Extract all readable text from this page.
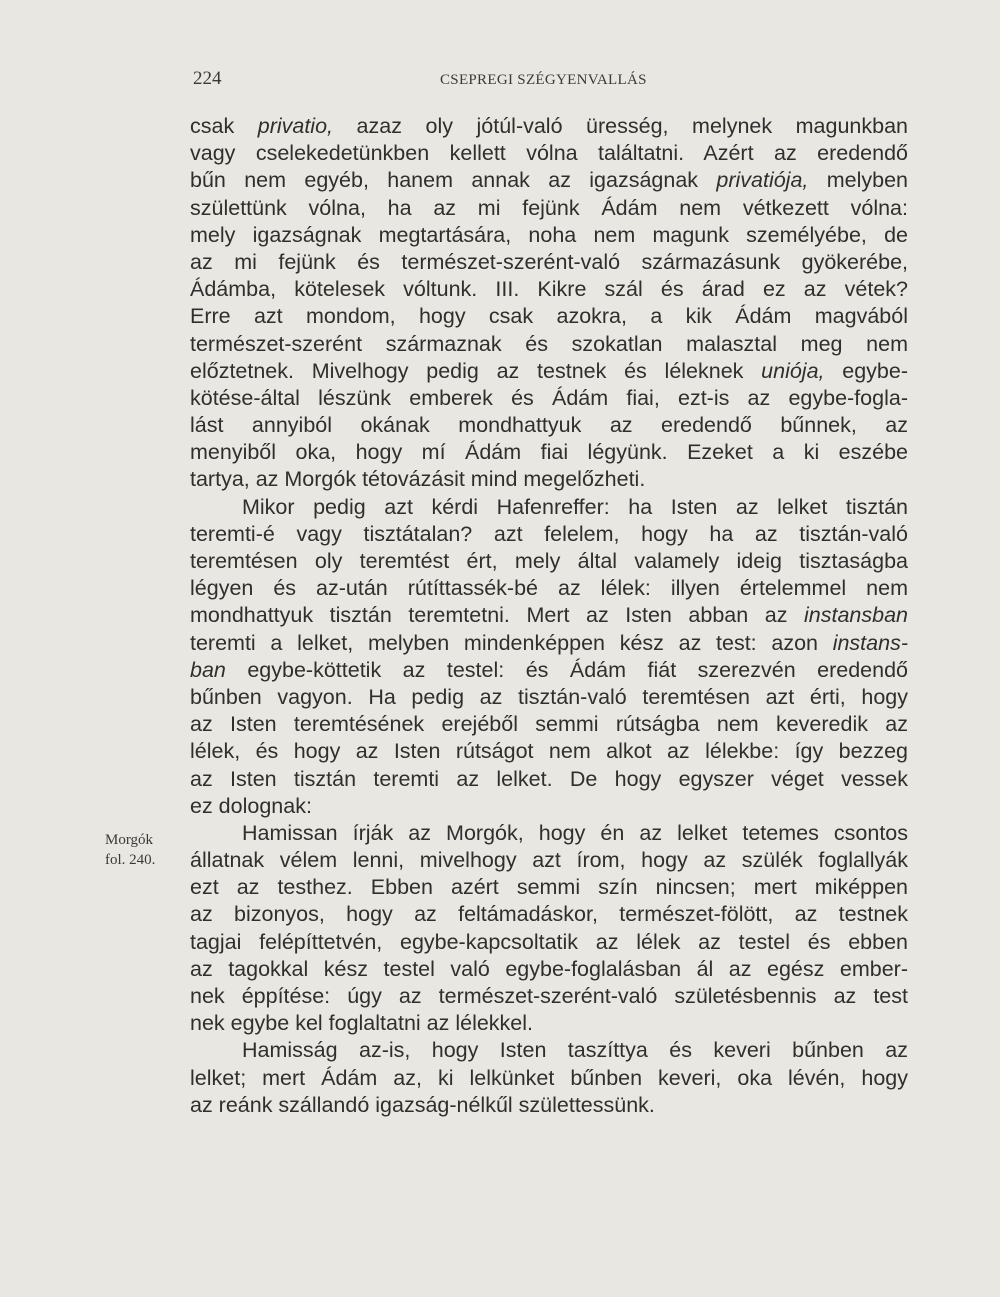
224	CSEPREGI SZÉGYENVALLÁS
Morgók
fol. 240.
csak privatio, azaz oly jótúl-való üresség, melynek magunkban
vagy cselekedetünkben kellett vólna találtatni. Azért az eredendő
bűn nem egyéb, hanem annak az igazságnak privatiója, melyben
születtünk vólna, ha az mi fejünk Ádám nem vétkezett vólna:
mely igazságnak megtartására, noha nem magunk személyébe, de
az mi fejünk és természet-szerént-való származásunk gyökerébe,
Ádámba, kötelesek vóltunk. III. Kikre szál és árad ez az vétek?
Erre azt mondom, hogy csak azokra, a kik Ádám magvából
természet-szerént származnak és szokatlan malasztal meg nem
előztetnek. Mivelhogy pedig az testnek és léleknek uniója, egybe-
kötése-által lészünk emberek és Ádám fiai, ezt-is az egybe-fogla-
lást annyiból okának mondhattyuk az eredendő bűnnek, az
menyiből oka, hogy mí Ádám fiai légyünk. Ezeket a ki eszébe
tartya, az Morgók tétovázásit mind megelőzheti.
Mikor pedig azt kérdi Hafenreffer: ha Isten az lelket tisztán
teremti-é vagy tisztátalan? azt felelem, hogy ha az tisztán-való
teremtésen oly teremtést ért, mely által valamely ideig tisztaságba
légyen és az-után rútíttassék-bé az lélek: illyen értelemmel nem
mondhattyuk tisztán teremtetni. Mert az Isten abban az instansban
teremti a lelket, melyben mindenképpen kész az test: azon instans-
ban egybe-köttetik az testel: és Ádám fiát szerezvén eredendő
bűnben vagyon. Ha pedig az tisztán-való teremtésen azt érti, hogy
az Isten teremtésének erejéből semmi rútságba nem keveredik az
lélek, és hogy az Isten rútságot nem alkot az lélekbe: így bezzeg
az Isten tisztán teremti az lelket. De hogy egyszer véget vessek
ez dolognak:
Hamissan írják az Morgók, hogy én az lelket tetemes csontos
állatnak vélem lenni, mivelhogy azt írom, hogy az szülék foglallyák
ezt az testhez. Ebben azért semmi szín nincsen; mert miképpen
az bizonyos, hogy az feltámadáskor, természet-fölött, az testnek
tagjai felépíttetvén, egybe-kapcsoltatik az lélek az testel és ebben
az tagokkal kész testel való egybe-foglalásban ál az egész ember-
nek éppítése: úgy az természet-szerént-való születésbennis az test
nek egybe kel foglaltatni az lélekkel.
Hamisság az-is, hogy Isten taszíttya és keveri bűnben az
lelket; mert Ádám az, ki lelkünket bűnben keveri, oka lévén, hogy
az reánk szállandó igazság-nélkűl születtessünk.
